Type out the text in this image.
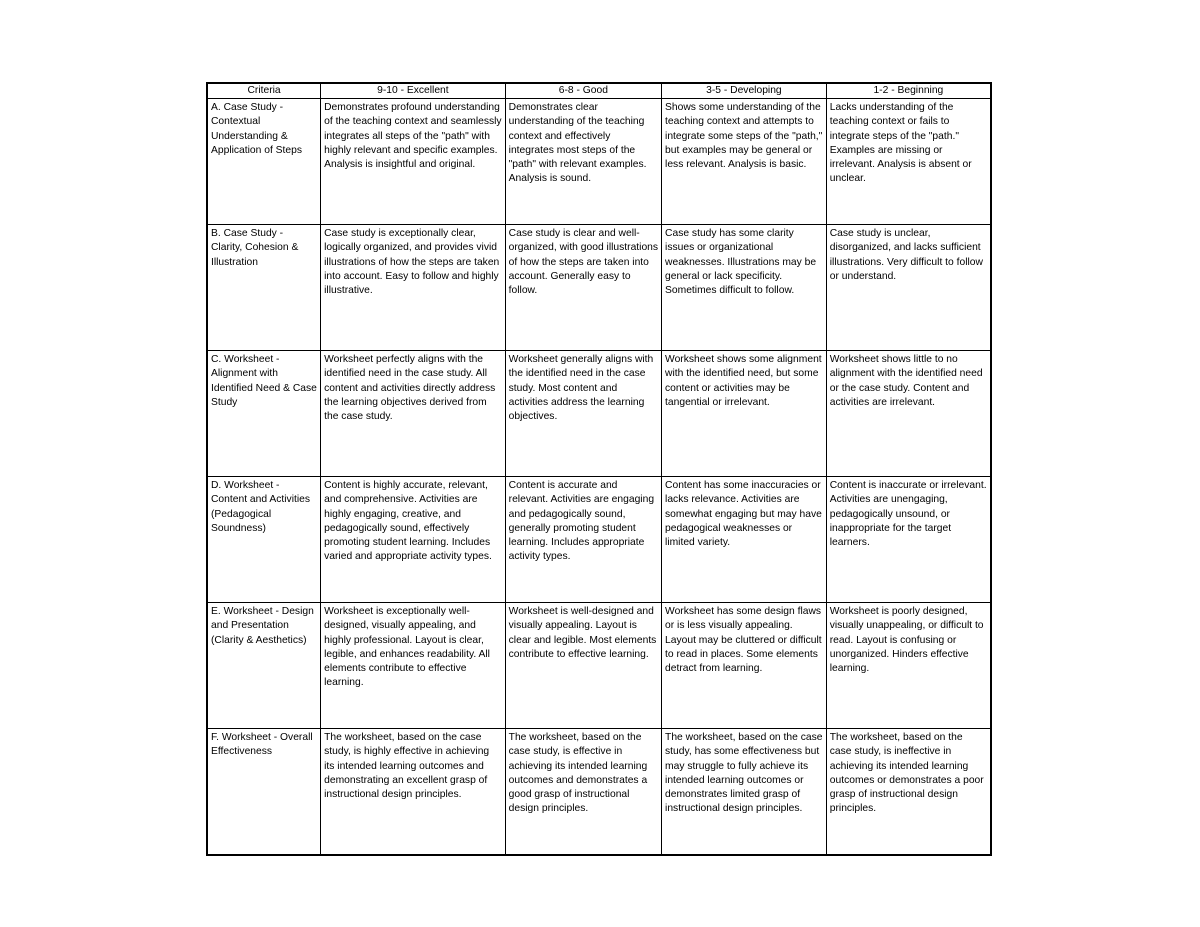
Criteria	9-10 - Excellent	6-8 - Good	3-5 - Developing	1-2 - Beginning
A. Case Study - Contextual Understanding & Application of Steps	Demonstrates profound understanding of the teaching context and seamlessly integrates all steps of the "path" with highly relevant and specific examples. Analysis is insightful and original.	Demonstrates clear understanding of the teaching context and effectively integrates most steps of the "path" with relevant examples. Analysis is sound.	Shows some understanding of the teaching context and attempts to integrate some steps of the "path," but examples may be general or less relevant. Analysis is basic.	Lacks understanding of the teaching context or fails to integrate steps of the "path." Examples are missing or irrelevant. Analysis is absent or unclear.
B. Case Study - Clarity, Cohesion & Illustration	Case study is exceptionally clear, logically organized, and provides vivid illustrations of how the steps are taken into account. Easy to follow and highly illustrative.	Case study is clear and well-organized, with good illustrations of how the steps are taken into account. Generally easy to follow.	Case study has some clarity issues or organizational weaknesses. Illustrations may be general or lack specificity. Sometimes difficult to follow.	Case study is unclear, disorganized, and lacks sufficient illustrations. Very difficult to follow or understand.
C. Worksheet - Alignment with Identified Need & Case Study	Worksheet perfectly aligns with the identified need in the case study. All content and activities directly address the learning objectives derived from the case study.	Worksheet generally aligns with the identified need in the case study. Most content and activities address the learning objectives.	Worksheet shows some alignment with the identified need, but some content or activities may be tangential or irrelevant.	Worksheet shows little to no alignment with the identified need or the case study. Content and activities are irrelevant.
D. Worksheet - Content and Activities (Pedagogical Soundness)	Content is highly accurate, relevant, and comprehensive. Activities are highly engaging, creative, and pedagogically sound, effectively promoting student learning. Includes varied and appropriate activity types.	Content is accurate and relevant. Activities are engaging and pedagogically sound, generally promoting student learning. Includes appropriate activity types.	Content has some inaccuracies or lacks relevance. Activities are somewhat engaging but may have pedagogical weaknesses or limited variety.	Content is inaccurate or irrelevant. Activities are unengaging, pedagogically unsound, or inappropriate for the target learners.
E. Worksheet - Design and Presentation (Clarity & Aesthetics)	Worksheet is exceptionally well-designed, visually appealing, and highly professional. Layout is clear, legible, and enhances readability. All elements contribute to effective learning.	Worksheet is well-designed and visually appealing. Layout is clear and legible. Most elements contribute to effective learning.	Worksheet has some design flaws or is less visually appealing. Layout may be cluttered or difficult to read in places. Some elements detract from learning.	Worksheet is poorly designed, visually unappealing, or difficult to read. Layout is confusing or unorganized. Hinders effective learning.
F. Worksheet - Overall Effectiveness	The worksheet, based on the case study, is highly effective in achieving its intended learning outcomes and demonstrating an excellent grasp of instructional design principles.	The worksheet, based on the case study, is effective in achieving its intended learning outcomes and demonstrates a good grasp of instructional design principles.	The worksheet, based on the case study, has some effectiveness but may struggle to fully achieve its intended learning outcomes or demonstrates limited grasp of instructional design principles.	The worksheet, based on the case study, is ineffective in achieving its intended learning outcomes or demonstrates a poor grasp of instructional design principles.
